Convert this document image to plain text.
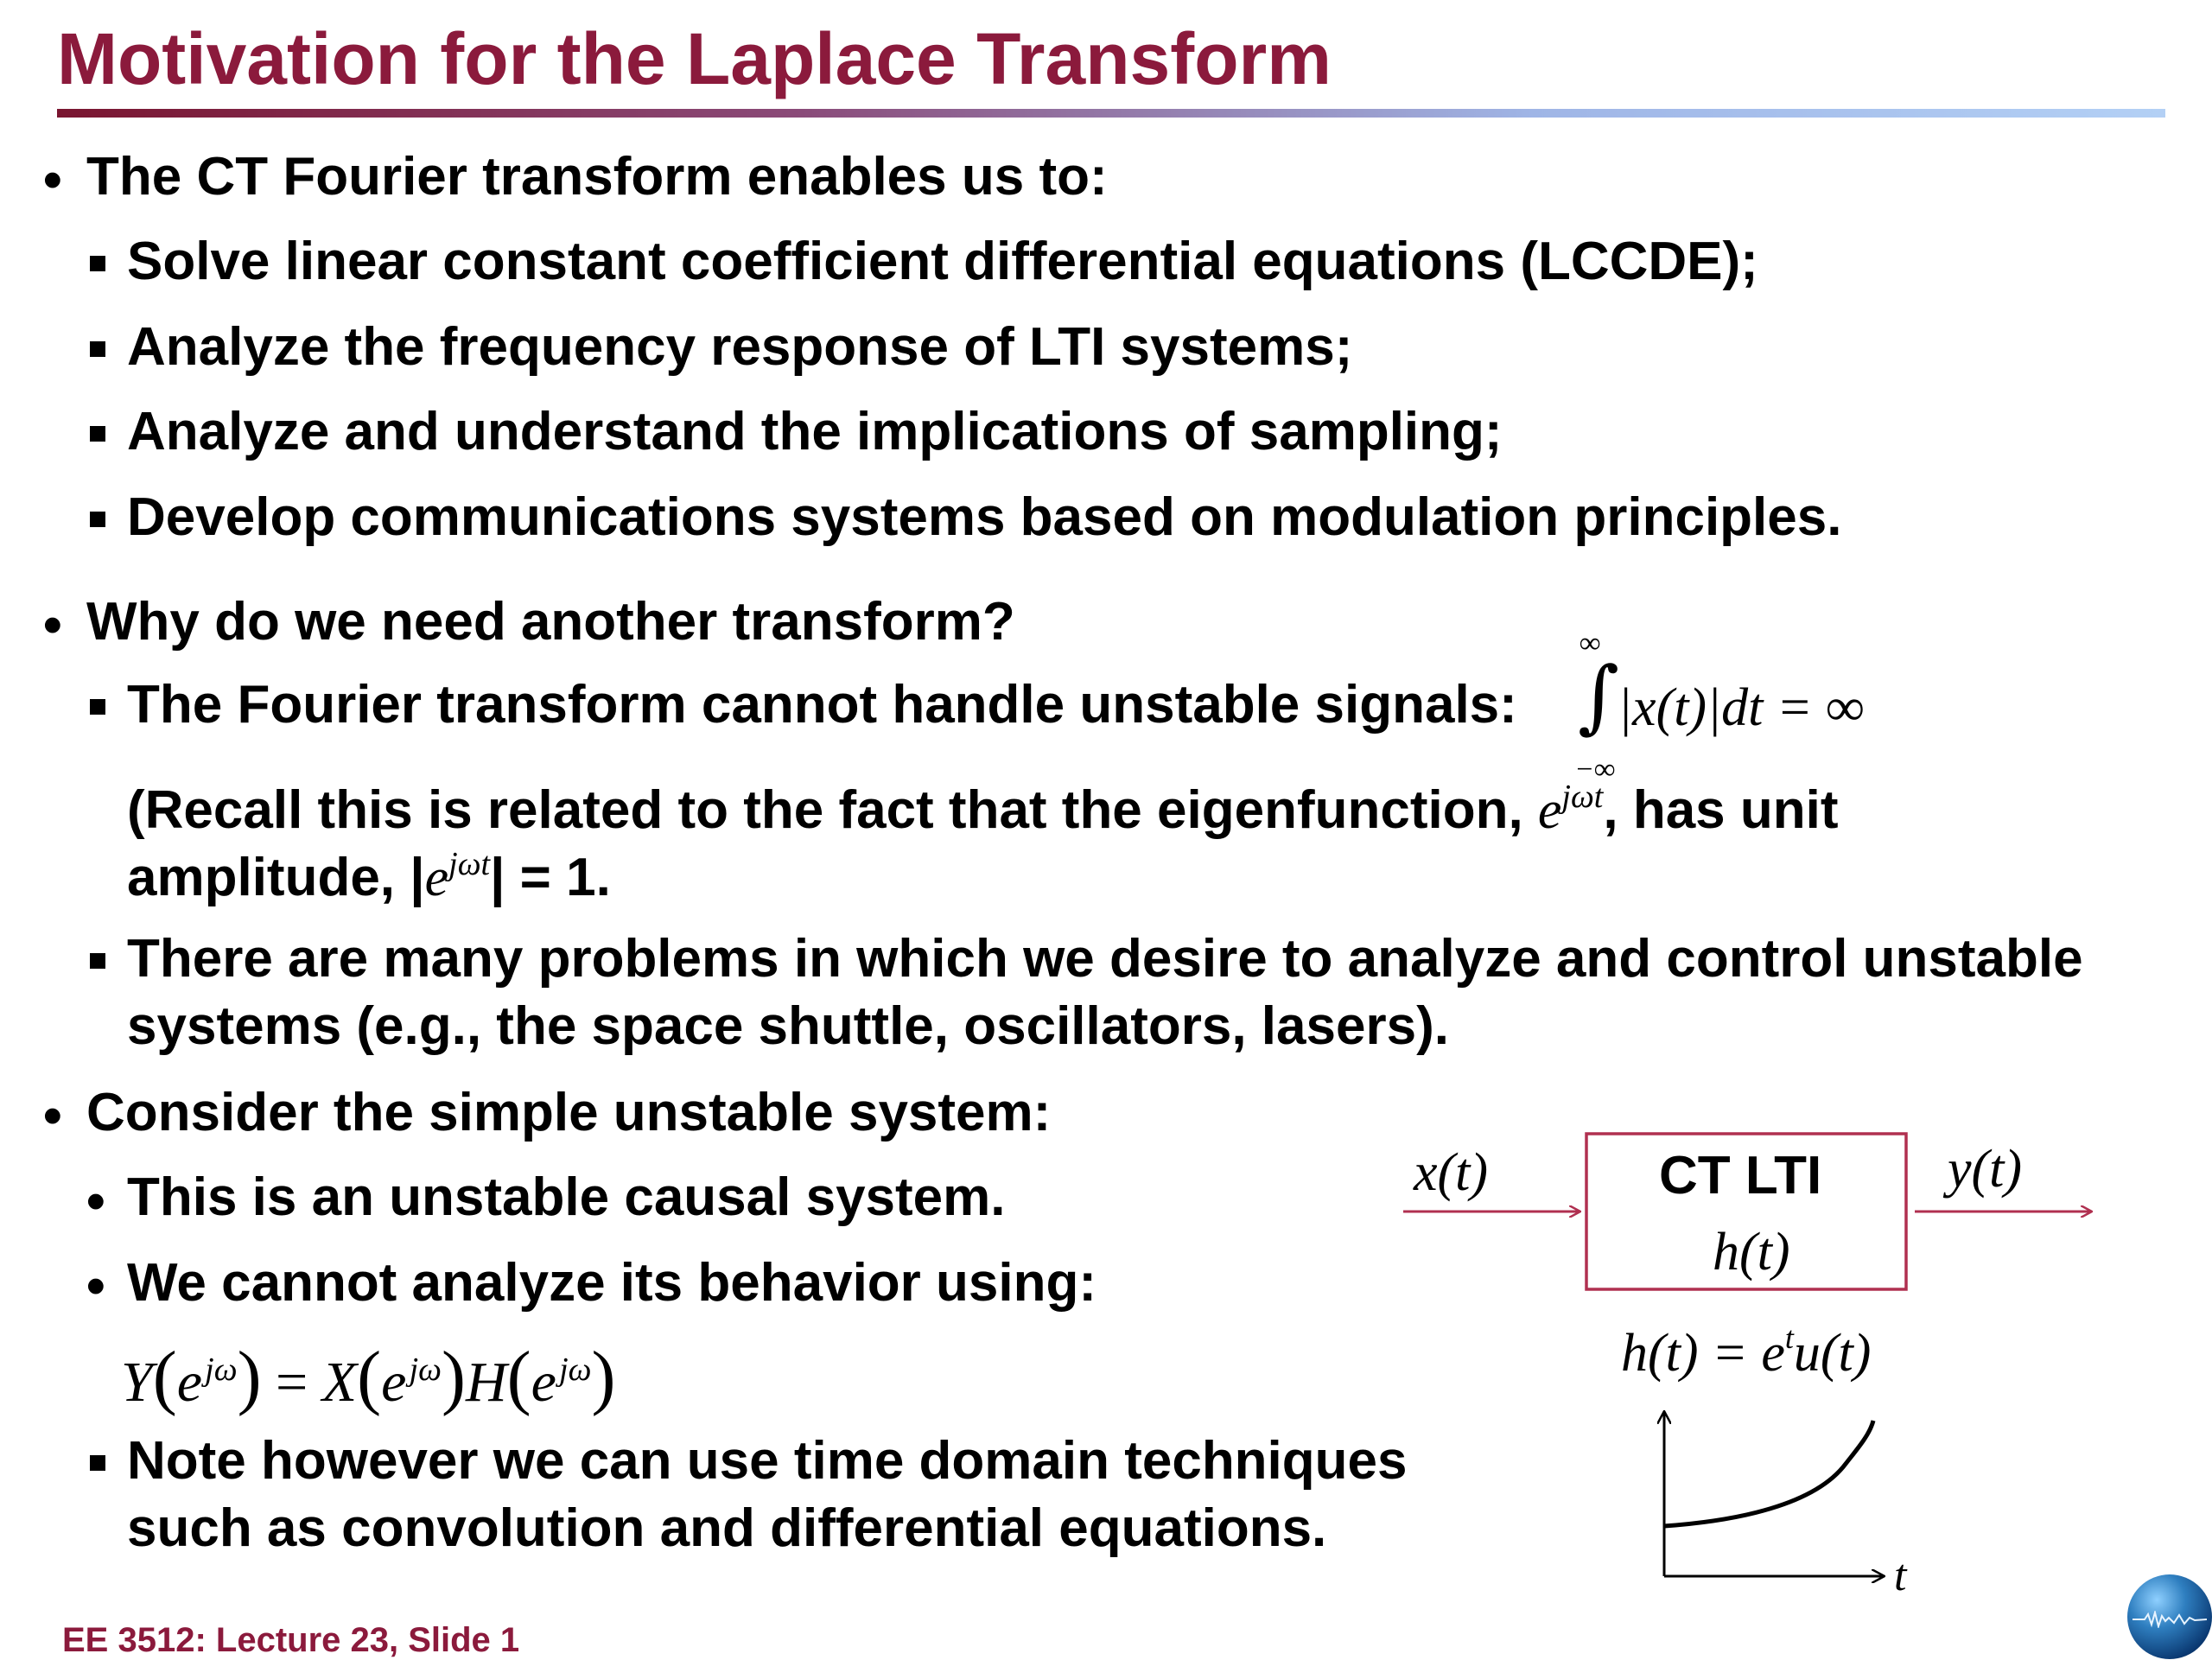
Motivation for the Laplace Transform
• The CT Fourier transform enables us to:
Solve linear constant coefficient differential equations (LCCDE);
Analyze the frequency response of LTI systems;
Analyze and understand the implications of sampling;
Develop communications systems based on modulation principles.
• Why do we need another transform?
The Fourier transform cannot handle unstable signals:
∞
∫
−∞
|x(t)|dt = ∞
(Recall this is related to the fact that the eigenfunction, $e^{j\omega t}$, has unit
amplitude, $|e^{j\omega t}| = 1$.
There are many problems in which we desire to analyze and control unstable
systems (e.g., the space shuttle, oscillators, lasers).
• Consider the simple unstable system:
• This is an unstable causal system.
• We cannot analyze its behavior using:
Y(e $^{j\omega}$) = X(e $^{j\omega}$)H(e $^{j\omega}$)
Note however we can use time domain techniques
such as convolution and differential equations.
x(t)	y(t)
CT LTI
h(t)
$h(t) = e^tu(t)$
t
EE 3512: Lecture 23, Slide 1
